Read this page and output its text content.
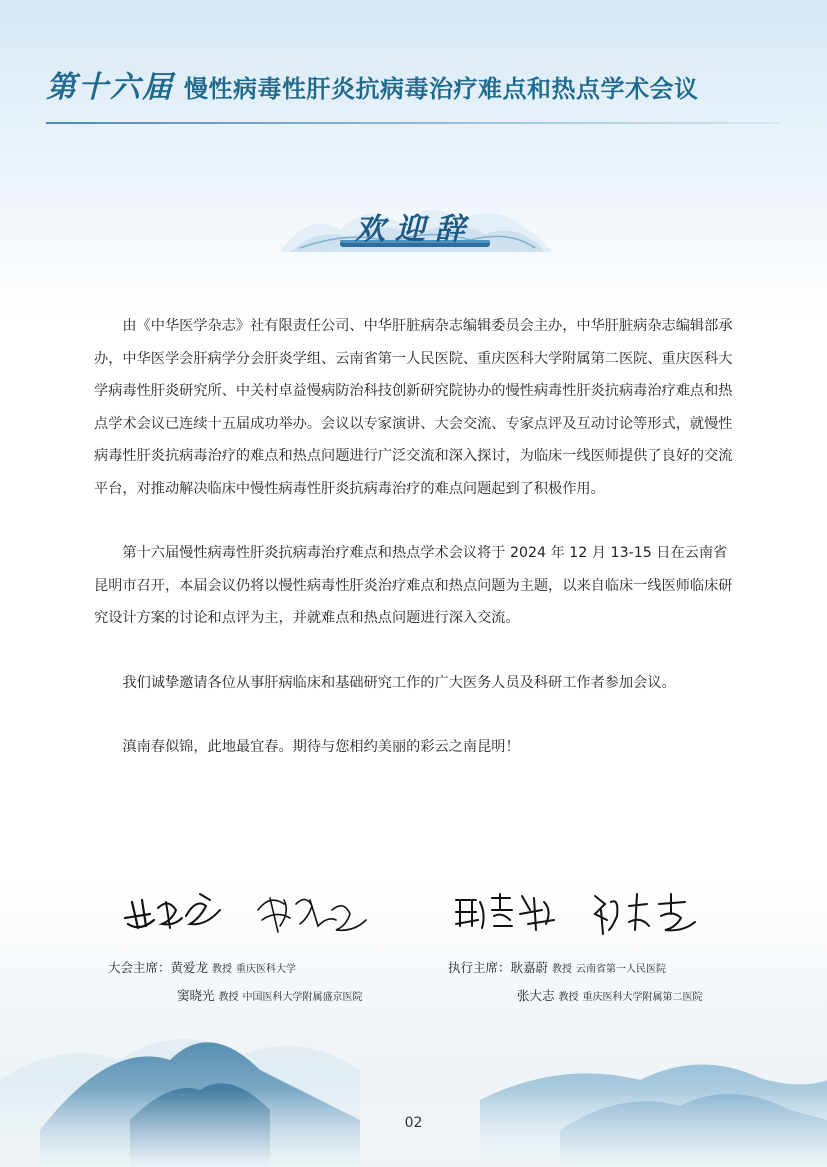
第十六届 慢性病毒性肝炎抗病毒治疗难点和热点学术会议
欢迎辞

由《中华医学杂志》社有限责任公司、中华肝脏病杂志编辑委员会主办，中华肝脏病杂志编辑部承办，中华医学会肝病学分会肝炎学组、云南省第一人民医院、重庆医科大学附属第二医院、重庆医科大学病毒性肝炎研究所、中关村卓益慢病防治科技创新研究院协办的慢性病毒性肝炎抗病毒治疗难点和热点学术会议已连续十五届成功举办。会议以专家演讲、大会交流、专家点评及互动讨论等形式，就慢性病毒性肝炎抗病毒治疗的难点和热点问题进行广泛交流和深入探讨，为临床一线医师提供了良好的交流平台，对推动解决临床中慢性病毒性肝炎抗病毒治疗的难点问题起到了积极作用。

第十六届慢性病毒性肝炎抗病毒治疗难点和热点学术会议将于 2024 年 12 月 13-15 日在云南省昆明市召开，本届会议仍将以慢性病毒性肝炎治疗难点和热点问题为主题，以来自临床一线医师临床研究设计方案的讨论和点评为主，并就难点和热点问题进行深入交流。

我们诚挚邀请各位从事肝病临床和基础研究工作的广大医务人员及科研工作者参加会议。

滇南春似锦，此地最宜春。期待与您相约美丽的彩云之南昆明！

大会主席：黄爱龙 教授 重庆医科大学
窦晓光 教授 中国医科大学附属盛京医院
执行主席：耿嘉蔚 教授 云南省第一人民医院
张大志 教授 重庆医科大学附属第二医院
02
